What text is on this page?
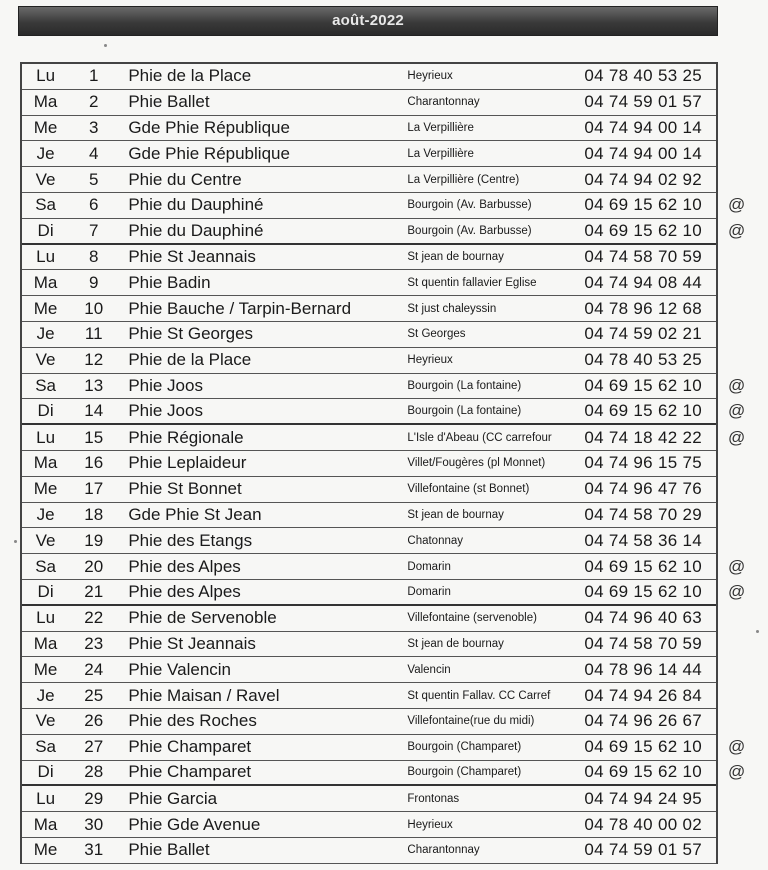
août-2022
Lu	1	Phie de la Place	Heyrieux	04 78 40 53 25
Ma	2	Phie Ballet	Charantonnay	04 74 59 01 57
Me	3	Gde Phie République	La Verpillière	04 74 94 00 14
Je	4	Gde Phie République	La Verpillière	04 74 94 00 14
Ve	5	Phie du Centre	La Verpillière (Centre)	04 74 94 02 92
Sa	6	Phie du Dauphiné	Bourgoin (Av. Barbusse)	04 69 15 62 10	@
Di	7	Phie du Dauphiné	Bourgoin (Av. Barbusse)	04 69 15 62 10	@
Lu	8	Phie St Jeannais	St jean de bournay	04 74 58 70 59
Ma	9	Phie Badin	St quentin fallavier Eglise	04 74 94 08 44
Me	10	Phie Bauche / Tarpin-Bernard	St just chaleyssin	04 78 96 12 68
Je	11	Phie St Georges	St Georges	04 74 59 02 21
Ve	12	Phie de la Place	Heyrieux	04 78 40 53 25
Sa	13	Phie Joos	Bourgoin (La fontaine)	04 69 15 62 10	@
Di	14	Phie Joos	Bourgoin (La fontaine)	04 69 15 62 10	@
Lu	15	Phie Régionale	L'Isle d'Abeau (CC carrefour	04 74 18 42 22	@
Ma	16	Phie Leplaideur	Villet/Fougères (pl Monnet)	04 74 96 15 75
Me	17	Phie St Bonnet	Villefontaine (st Bonnet)	04 74 96 47 76
Je	18	Gde Phie St Jean	St jean de bournay	04 74 58 70 29
Ve	19	Phie des Etangs	Chatonnay	04 74 58 36 14
Sa	20	Phie des Alpes	Domarin	04 69 15 62 10	@
Di	21	Phie des Alpes	Domarin	04 69 15 62 10	@
Lu	22	Phie de Servenoble	Villefontaine (servenoble)	04 74 96 40 63
Ma	23	Phie St Jeannais	St jean de bournay	04 74 58 70 59
Me	24	Phie Valencin	Valencin	04 78 96 14 44
Je	25	Phie Maisan / Ravel	St quentin Fallav. CC Carref	04 74 94 26 84
Ve	26	Phie des Roches	Villefontaine(rue du midi)	04 74 96 26 67
Sa	27	Phie Champaret	Bourgoin (Champaret)	04 69 15 62 10	@
Di	28	Phie Champaret	Bourgoin (Champaret)	04 69 15 62 10	@
Lu	29	Phie Garcia	Frontonas	04 74 94 24 95
Ma	30	Phie Gde Avenue	Heyrieux	04 78 40 00 02
Me	31	Phie Ballet	Charantonnay	04 74 59 01 57
